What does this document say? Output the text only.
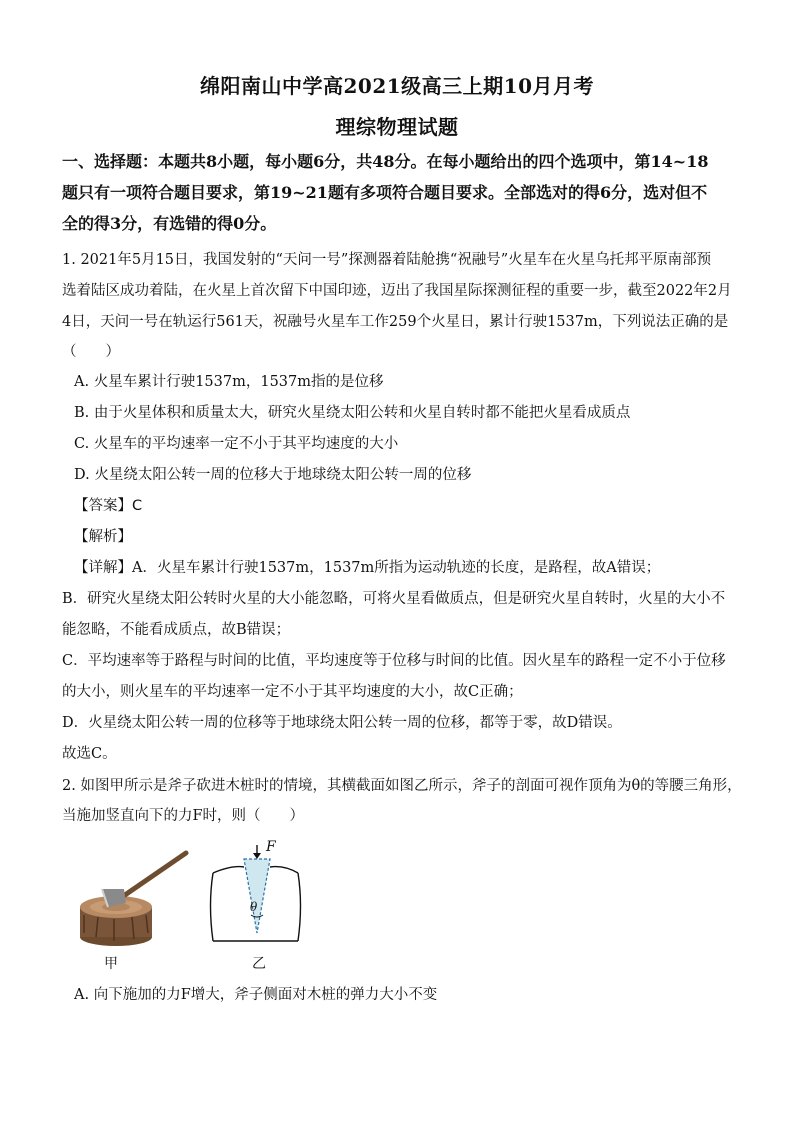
绵阳南山中学高2021级高三上期10月月考
理综物理试题
一、选择题：本题共8小题，每小题6分，共48分。在每小题给出的四个选项中，第14~18
题只有一项符合题目要求，第19~21题有多项符合题目要求。全部选对的得6分，选对但不
全的得3分，有选错的得0分。
1. 2021年5月15日，我国发射的“天问一号”探测器着陆舱携“祝融号”火星车在火星乌托邦平原南部预
选着陆区成功着陆，在火星上首次留下中国印迹，迈出了我国星际探测征程的重要一步，截至2022年2月
4日，天问一号在轨运行561天，祝融号火星车工作259个火星日，累计行驶1537m，下列说法正确的是
（　　）
A. 火星车累计行驶1537m，1537m指的是位移
B. 由于火星体积和质量太大，研究火星绕太阳公转和火星自转时都不能把火星看成质点
C. 火星车的平均速率一定不小于其平均速度的大小
D. 火星绕太阳公转一周的位移大于地球绕太阳公转一周的位移
【答案】C
【解析】
【详解】A．火星车累计行驶1537m，1537m所指为运动轨迹的长度，是路程，故A错误；
B．研究火星绕太阳公转时火星的大小能忽略，可将火星看做质点，但是研究火星自转时，火星的大小不
能忽略，不能看成质点，故B错误；
C．平均速率等于路程与时间的比值，平均速度等于位移与时间的比值。因火星车的路程一定不小于位移
的大小，则火星车的平均速率一定不小于其平均速度的大小，故C正确；
D．火星绕太阳公转一周的位移等于地球绕太阳公转一周的位移，都等于零，故D错误。
故选C。
2. 如图甲所示是斧子砍进木桩时的情境，其横截面如图乙所示，斧子的剖面可视作顶角为θ的等腰三角形，
当施加竖直向下的力F时，则（　　）
F
θ
甲	乙
A. 向下施加的力F增大，斧子侧面对木桩的弹力大小不变
